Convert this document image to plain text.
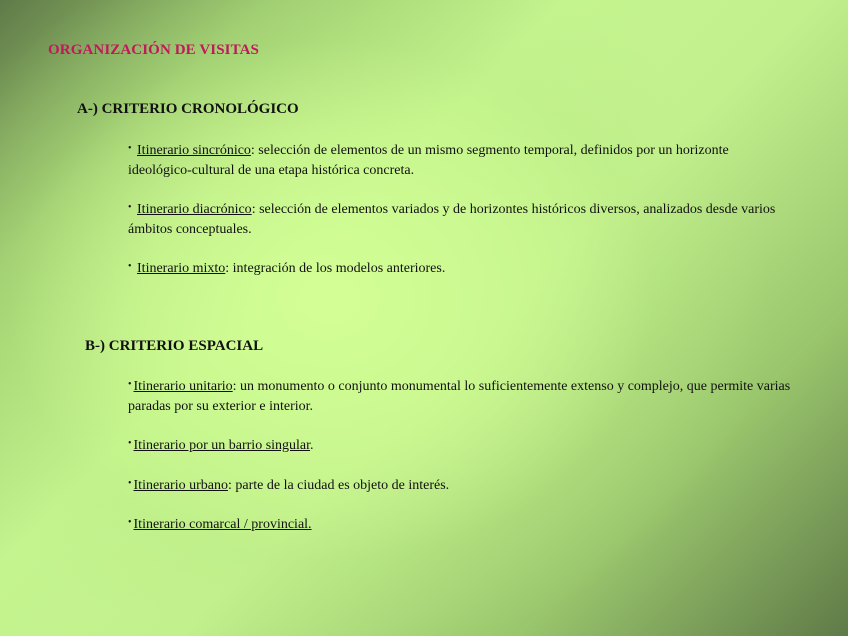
ORGANIZACIÓN DE VISITAS
A-) CRITERIO CRONOLÓGICO
• Itinerario sincrónico: selección de elementos de un mismo segmento temporal, definidos por un horizonte ideológico-cultural de una etapa histórica concreta.
• Itinerario diacrónico: selección de elementos variados y de horizontes históricos diversos, analizados desde varios ámbitos conceptuales.
• Itinerario mixto: integración de los modelos anteriores.
B-) CRITERIO ESPACIAL
• Itinerario unitario: un monumento o conjunto monumental lo suficientemente extenso y complejo, que permite varias paradas por su exterior e interior.
• Itinerario por un barrio singular.
• Itinerario urbano: parte de la ciudad es objeto de interés.
• Itinerario comarcal / provincial.
